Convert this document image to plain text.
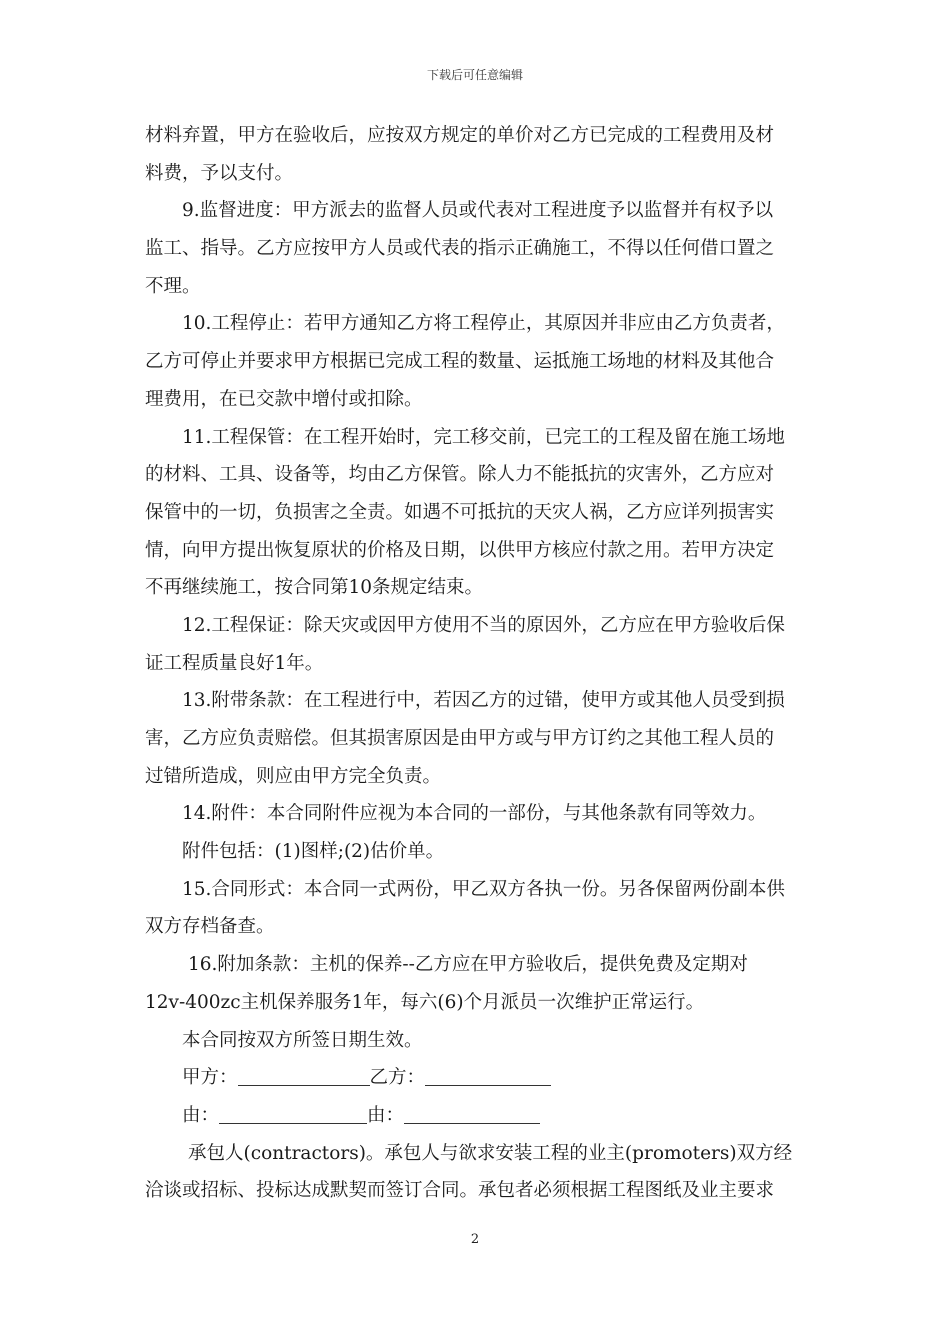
下载后可任意编辑
材料弃置，甲方在验收后，应按双方规定的单价对乙方已完成的工程费用及材
料费，予以支付。
9.监督进度：甲方派去的监督人员或代表对工程进度予以监督并有权予以
监工、指导。乙方应按甲方人员或代表的指示正确施工，不得以任何借口置之
不理。
10.工程停止：若甲方通知乙方将工程停止，其原因并非应由乙方负责者，
乙方可停止并要求甲方根据已完成工程的数量、运抵施工场地的材料及其他合
理费用，在已交款中增付或扣除。
11.工程保管：在工程开始时，完工移交前，已完工的工程及留在施工场地
的材料、工具、设备等，均由乙方保管。除人力不能抵抗的灾害外，乙方应对
保管中的一切，负损害之全责。如遇不可抵抗的天灾人祸，乙方应详列损害实
情，向甲方提出恢复原状的价格及日期，以供甲方核应付款之用。若甲方决定
不再继续施工，按合同第10条规定结束。
12.工程保证：除天灾或因甲方使用不当的原因外，乙方应在甲方验收后保
证工程质量良好1年。
13.附带条款：在工程进行中，若因乙方的过错，使甲方或其他人员受到损
害，乙方应负责赔偿。但其损害原因是由甲方或与甲方订约之其他工程人员的
过错所造成，则应由甲方完全负责。
14.附件：本合同附件应视为本合同的一部份，与其他条款有同等效力。
附件包括：(1)图样;(2)估价单。
15.合同形式：本合同一式两份，甲乙双方各执一份。另各保留两份副本供
双方存档备查。
16.附加条款：主机的保养--乙方应在甲方验收后，提供免费及定期对
12v-400zc主机保养服务1年，每六(6)个月派员一次维护正常运行。
本合同按双方所签日期生效。
甲方：	乙方：
由：	由：
承包人(contractors)。承包人与欲求安装工程的业主(promoters)双方经
洽谈或招标、投标达成默契而签订合同。承包者必须根据工程图纸及业主要求
2
